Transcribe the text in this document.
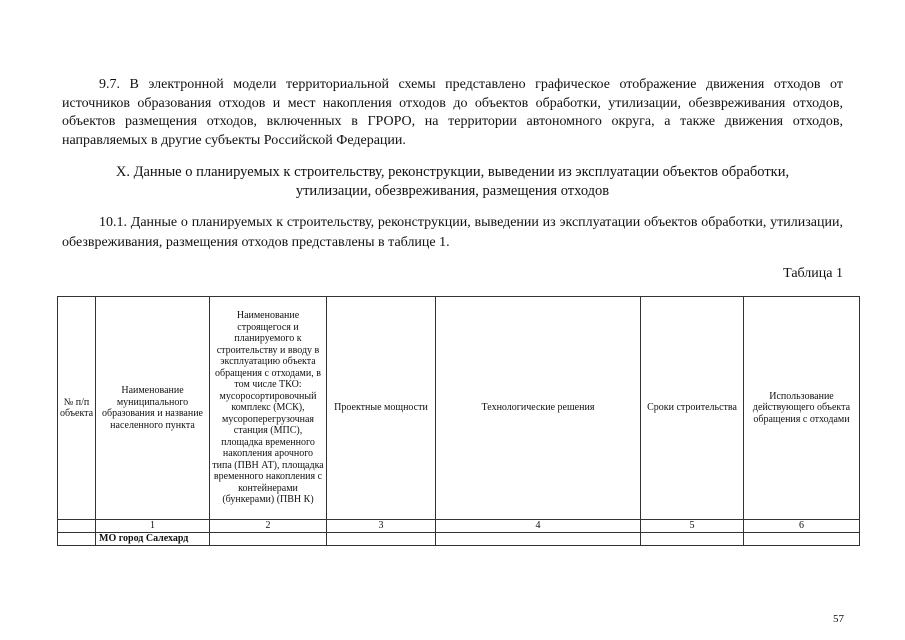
9.7. В электронной модели территориальной схемы представлено графическое отображение движения отходов от источников образования отходов и мест накопления отходов до объектов обработки, утилизации, обезвреживания отходов, объектов размещения отходов, включенных в ГРОРО, на территории автономного округа, а также движения отходов, направляемых в другие субъекты Российской Федерации.
X. Данные о планируемых к строительству, реконструкции, выведении из эксплуатации объектов обработки,
утилизации, обезвреживания, размещения отходов
10.1. Данные о планируемых к строительству, реконструкции, выведении из эксплуатации объектов обработки, утилизации, обезвреживания, размещения отходов представлены в таблице 1.
Таблица 1
№ п/п объекта	Наименование муниципального образования и название населенного пункта	Наименование строящегося и планируемого к строительству и вводу в эксплуатацию объекта обращения с отходами, в том числе ТКО: мусоросортировочный комплекс (МСК), мусороперегрузочная станция (МПС), площадка временного накопления арочного типа (ПВН АТ), площадка временного накопления с контейнерами (бункерами) (ПВН К)	Проектные мощности	Технологические решения	Сроки строительства	Использование действующего объекта обращения с отходами
	1	2	3	4	5	6
	МО город Салехард					
57
